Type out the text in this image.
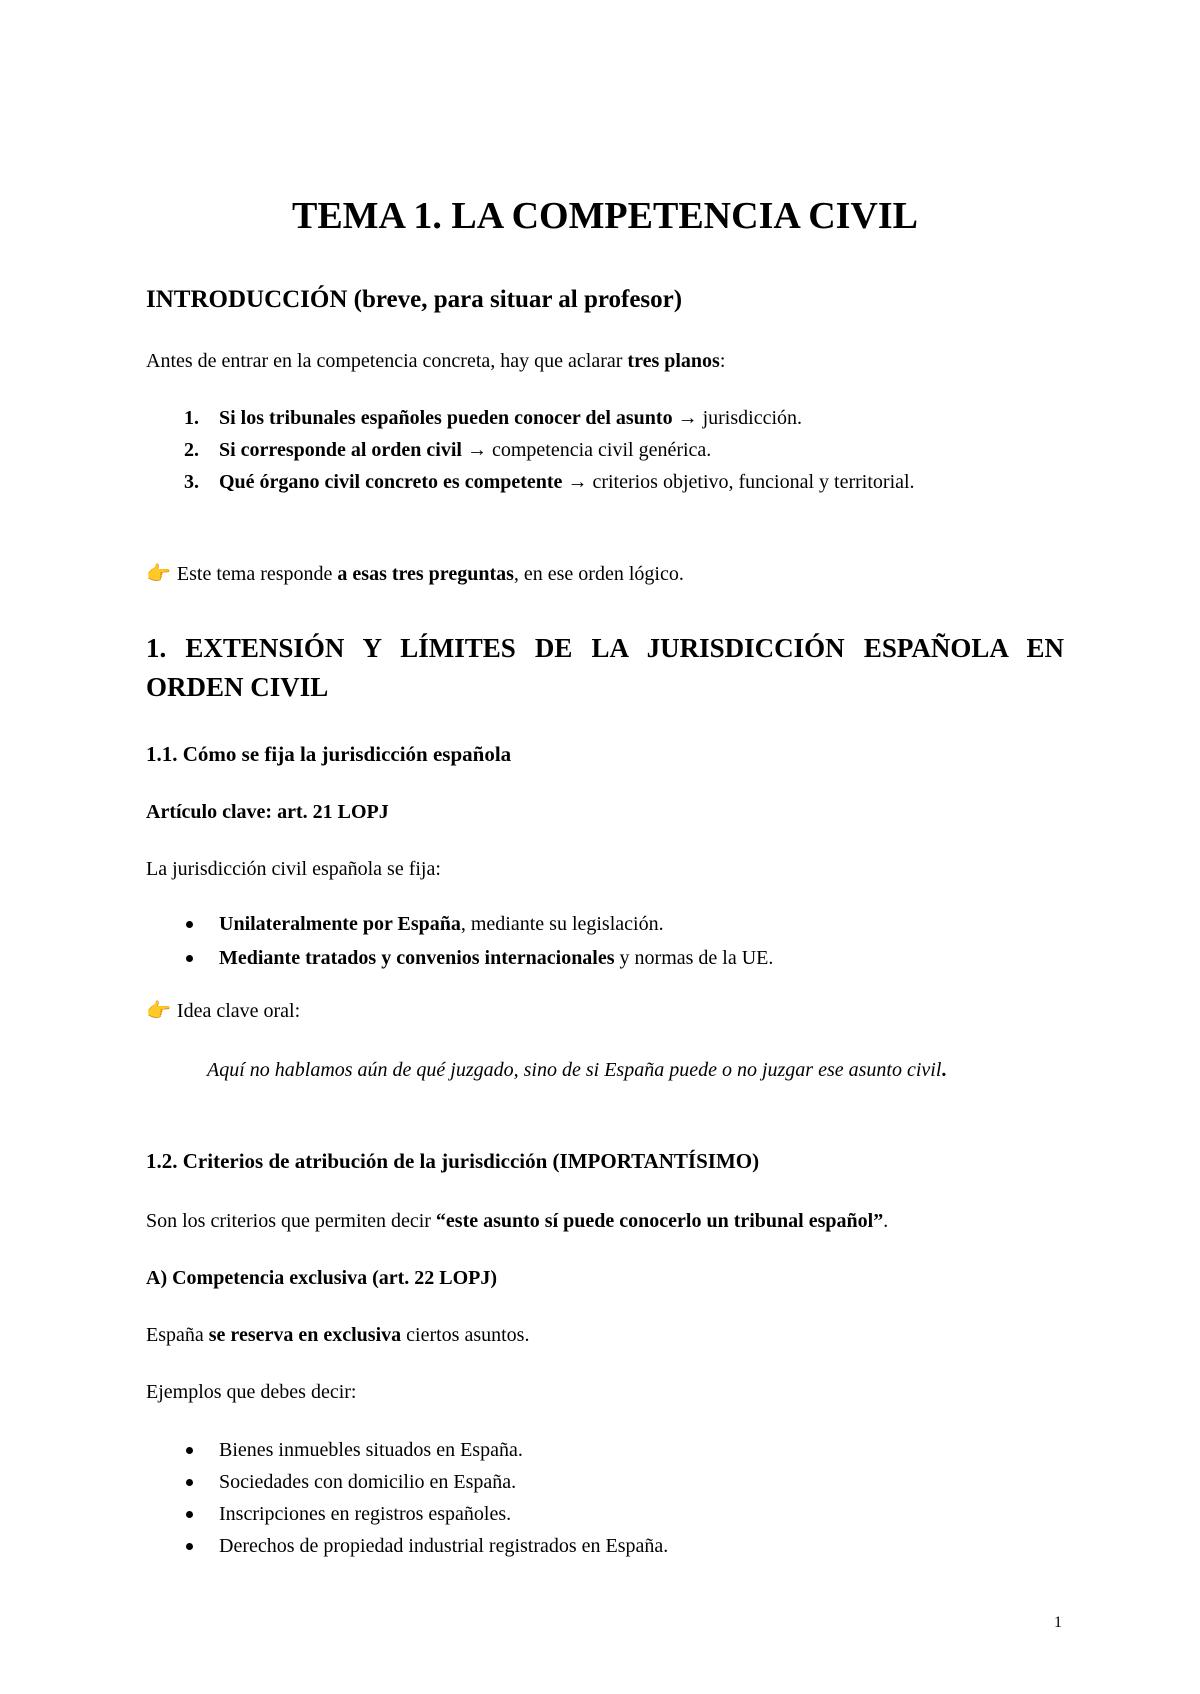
TEMA 1. LA COMPETENCIA CIVIL
INTRODUCCIÓN (breve, para situar al profesor)

Antes de entrar en la competencia concreta, hay que aclarar tres planos:

1. Si los tribunales españoles pueden conocer del asunto → jurisdicción.
2. Si corresponde al orden civil → competencia civil genérica.
3. Qué órgano civil concreto es competente → criterios objetivo, funcional y territorial.

👉 Este tema responde a esas tres preguntas, en ese orden lógico.

1. EXTENSIÓN Y LÍMITES DE LA JURISDICCIÓN ESPAÑOLA EN ORDEN CIVIL
1.1. Cómo se fija la jurisdicción española

Artículo clave: art. 21 LOPJ

La jurisdicción civil española se fija:

Unilateralmente por España, mediante su legislación.
Mediante tratados y convenios internacionales y normas de la UE.

👉 Idea clave oral:

Aquí no hablamos aún de qué juzgado, sino de si España puede o no juzgar ese asunto civil.
1.2. Criterios de atribución de la jurisdicción (IMPORTANTÍSIMO)

Son los criterios que permiten decir “este asunto sí puede conocerlo un tribunal español”.

A) Competencia exclusiva (art. 22 LOPJ)

España se reserva en exclusiva ciertos asuntos.

Ejemplos que debes decir:

Bienes inmuebles situados en España.
Sociedades con domicilio en España.
Inscripciones en registros españoles.
Derechos de propiedad industrial registrados en España.
1
